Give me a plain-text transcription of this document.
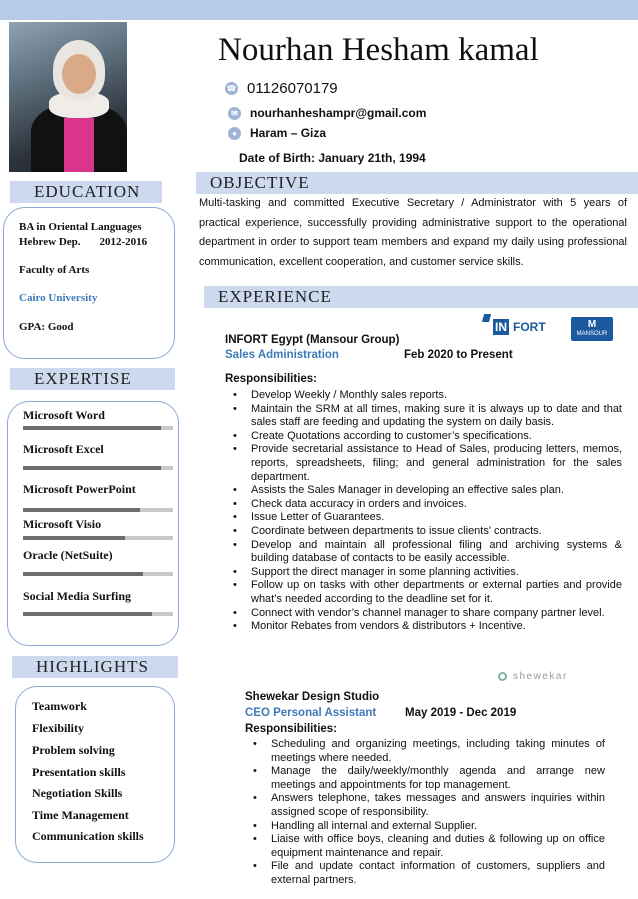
Nourhan Hesham kamal
☎ 01126070179
✉ nourhanheshampr@gmail.com
●	Haram – Giza
Date of Birth: January 21th, 1994
EDUCATION
BA in Oriental Languages
Hebrew Dep. 2012-2016
Faculty of Arts
Cairo University
GPA: Good
EXPERTISE
Microsoft Word
Microsoft Excel
Microsoft PowerPoint
Microsoft Visio
Oracle (NetSuite)
Social Media Surfing
HIGHLIGHTS
Teamwork
Flexibility
Problem solving
Presentation skills
Negotiation Skills
Time Management
Communication skills
OBJECTIVE
Multi-tasking and committed Executive Secretary / Administrator with 5 years of practical experience, successfully providing administrative support to the operational department in order to support team members and expand my daily using professional communication, excellent cooperation, and customer service skills.
EXPERIENCE
INFORT Egypt (Mansour Group)
Sales Administration	Feb 2020 to Present
Responsibilities:
IN FORT	M
MANSOUR
• Develop Weekly / Monthly sales reports.
• Maintain the SRM at all times, making sure it is always up to date and that sales staff are feeding and updating the system on daily basis.
• Create Quotations according to customer’s specifications.
• Provide secretarial assistance to Head of Sales, producing letters, memos, reports, spreadsheets, filing; and general administration for the sales department.
• Assists the Sales Manager in developing an effective sales plan.
• Check data accuracy in orders and invoices.
• Issue Letter of Guarantees.
• Coordinate between departments to issue clients' contracts.
• Develop and maintain all professional filing and archiving systems & building database of contacts to be easily accessible.
• Support the direct manager in some planning activities.
• Follow up on tasks with other departments or external parties and provide what’s needed according to the deadline set for it.
• Connect with vendor’s channel manager to share company partner level.
• Monitor Rebates from vendors & distributors + Incentive.
shewekar
Shewekar Design Studio
CEO Personal Assistant	May 2019 - Dec 2019
Responsibilities:
• Scheduling and organizing meetings, including taking minutes of meetings where needed.
• Manage the daily/weekly/monthly agenda and arrange new meetings and appointments for top management.
• Answers telephone, takes messages and answers inquiries within assigned scope of responsibility.
• Handling all internal and external Supplier.
• Liaise with office boys, cleaning and duties & following up on office equipment maintenance and repair.
• File and update contact information of customers, suppliers and external partners.
